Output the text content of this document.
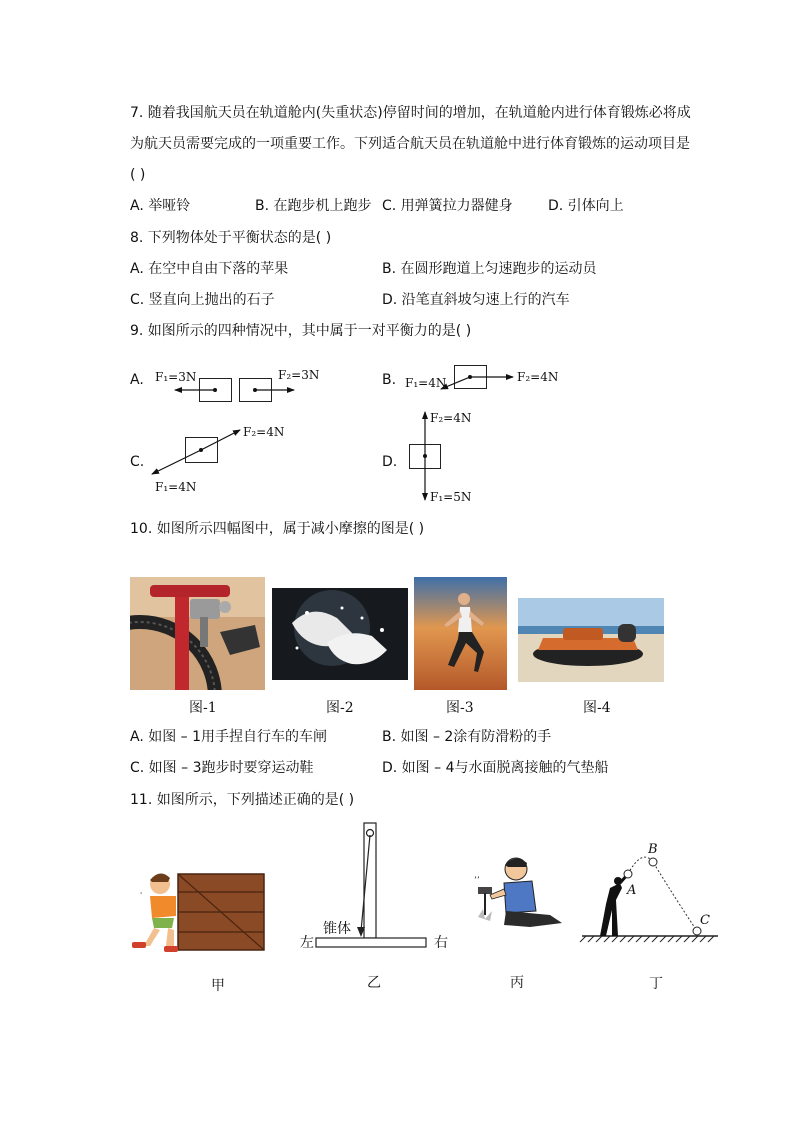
7. 随着我国航天员在轨道舱内(失重状态)停留时间的增加，在轨道舱内进行体育锻炼必将成
为航天员需要完成的一项重要工作。下列适合航天员在轨道舱中进行体育锻炼的运动项目是
( )
A. 举哑铃	B. 在跑步机上跑步 C. 用弹簧拉力器健身	D. 引体向上
8. 下列物体处于平衡状态的是( )
A. 在空中自由下落的苹果	B. 在圆形跑道上匀速跑步的运动员
C. 竖直向上抛出的石子	D. 沿笔直斜坡匀速上行的汽车
9. 如图所示的四种情况中，其中属于一对平衡力的是( )
A. F₁=3N	F₂=3N	B. F₁=4N	F₂=4N
C.
F₂=4N
F₁=4N
D.
F₂=4N
F₁=5N
10. 如图所示四幅图中，属于减小摩擦的图是( )
图-1	图-2	图-3	图-4
A. 如图 – 1用手捏自行车的车闸	B. 如图 – 2涂有防滑粉的手
C. 如图 – 3跑步时要穿运动鞋	D. 如图 – 4与水面脱离接触的气垫船
11. 如图所示，下列描述正确的是( )
'
锥体
左	右
’’
B
A
C
甲	乙	丙	丁
